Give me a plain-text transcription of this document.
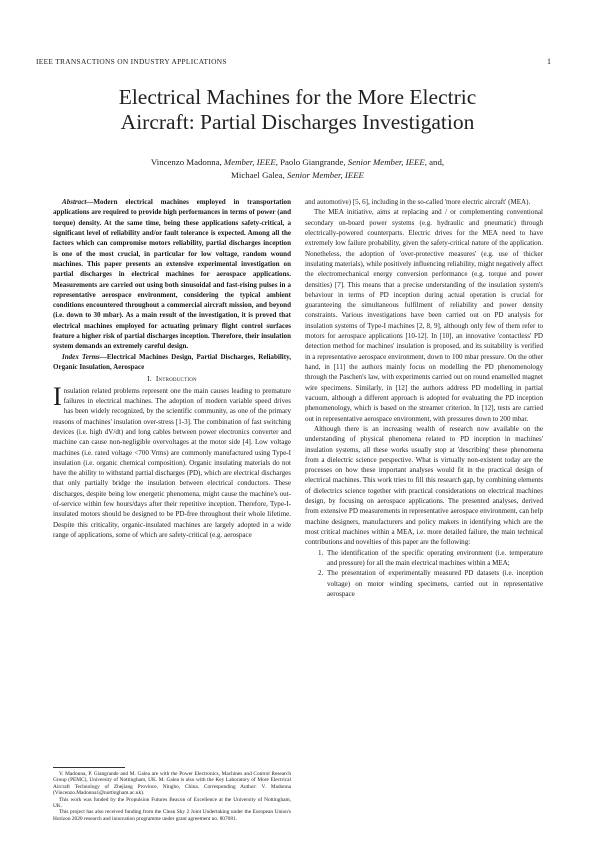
IEEE TRANSACTIONS ON INDUSTRY APPLICATIONS	1
Electrical Machines for the More Electric
Aircraft: Partial Discharges Investigation
Vincenzo Madonna, Member, IEEE, Paolo Giangrande, Senior Member, IEEE, and,
Michael Galea, Senior Member, IEEE

Abstract—Modern electrical machines employed in transportation applications are required to provide high performances in terms of power (and torque) density. At the same time, being these applications safety-critical, a significant level of reliability and/or fault tolerance is expected. Among all the factors which can compromise motors reliability, partial discharges inception is one of the most crucial, in particular for low voltage, random wound machines. This paper presents an extensive experimental investigation on partial discharges in electrical machines for aerospace applications. Measurements are carried out using both sinusoidal and fast-rising pulses in a representative aerospace environment, considering the typical ambient conditions encountered throughout a commercial aircraft mission, and beyond (i.e. down to 30 mbar). As a main result of the investigation, it is proved that electrical machines employed for actuating primary flight control surfaces feature a higher risk of partial discharges inception. Therefore, their insulation system demands an extremely careful design.

Index Terms—Electrical Machines Design, Partial Discharges, Reliability, Organic Insulation, Aerospace

I. Introduction

Insulation related problems represent one the main causes leading to premature failures in electrical machines. The adoption of modern variable speed drives has been widely recognized, by the scientific community, as one of the primary reasons of machines' insulation over-stress [1-3]. The combination of fast switching devices (i.e. high dV/dt) and long cables between power electronics converter and machine can cause non-negligible overvoltages at the motor side [4]. Low voltage machines (i.e. rated voltage <700 Vrms) are commonly manufactured using Type-I insulation (i.e. organic chemical composition). Organic insulating materials do not have the ability to withstand partial discharges (PD), which are electrical discharges that only partially bridge the insulation between electrical conductors. These discharges, despite being low energetic phenomena, might cause the machine's out-of-service within few hours/days after their repetitive inception. Therefore, Type-I-insulated motors should be designed to be PD-free throughout their whole lifetime. Despite this criticality, organic-insulated machines are largely adopted in a wide range of applications, some of which are safety-critical (e.g. aerospace

V. Madonna, P. Giangrande and M. Galea are with the Power Electronics, Machines and Control Research Group (PEMC), University of Nottingham, UK. M. Galea is also with the Key Laboratory of More Electrical Aircraft Technology of Zhejiang Province, Ningbo, China. Corresponding Author: V. Madonna (Vincenzo.Madonna1@nottingham.ac.uk).

This work was funded by the Propulsion Futures Beacon of Excellence at the University of Nottingham, UK.

This project has also received funding from the Clean Sky 2 Joint Undertaking under the European Union's Horizon 2020 research and innovation programme under grant agreement no. 807081.

and automotive) [5, 6], including in the so-called 'more electric aircraft' (MEA).

The MEA initiative, aims at replacing and / or complementing conventional secondary on-board power systems (e.g. hydraulic and pneumatic) through electrically-powered counterparts. Electric drives for the MEA need to have extremely low failure probability, given the safety-critical nature of the application. Nonetheless, the adoption of 'over-protective measures' (e.g. use of thicker insulating materials), while positively influencing reliability, might negatively affect the electromechanical energy conversion performance (e.g. torque and power densities) [7]. This means that a precise understanding of the insulation system's behaviour in terms of PD inception during actual operation is crucial for guaranteeing the simultaneous fulfilment of reliability and power density constraints. Various investigations have been carried out on PD analysis for insulation systems of Type-I machines [2, 8, 9], although only few of them refer to motors for aerospace applications [10-12]. In [10], an innovative 'contactless' PD detection method for machines' insulation is proposed, and its suitability is verified in a representative aerospace environment, down to 100 mbar pressure. On the other hand, in [11] the authors mainly focus on modelling the PD phenomenology through the Paschen's law, with experiments carried out on round enamelled magnet wire specimens. Similarly, in [12] the authors address PD modelling in partial vacuum, although a different approach is adopted for evaluating the PD inception phenomenology, which is based on the streamer criterion. In [12], tests are carried out in representative aerospace environment, with pressures down to 200 mbar.

Although there is an increasing wealth of research now available on the understanding of physical phenomena related to PD inception in machines' insulation systems, all these works usually stop at 'describing' these phenomena from a dielectric science perspective. What is virtually non-existent today are the processes on how these important analyses would fit in the practical design of electrical machines. This work tries to fill this research gap, by combining elements of dielectrics science together with practical considerations on electrical machines design, by focusing on aerospace applications. The presented analyses, derived from extensive PD measurements in representative aerospace environment, can help machine designers, manufacturers and policy makers in identifying which are the most critical machines within a MEA, i.e. more detailed failure, the main technical contributions and novelties of this paper are the following:

1. The identification of the specific operating environment (i.e. temperature and pressure) for all the main electrical machines within a MEA;
2. The presentation of experimentally measured PD datasets (i.e. inception voltage) on motor winding specimens, carried out in representative aerospace
